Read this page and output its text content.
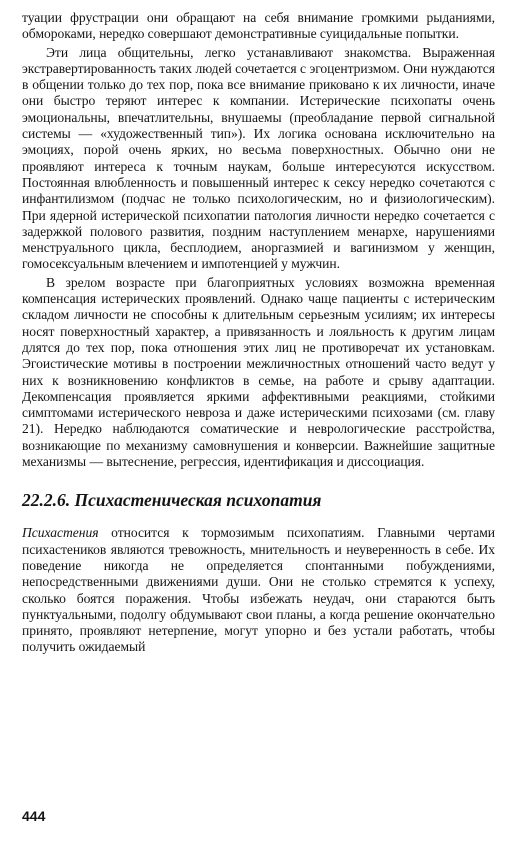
туации фрустрации они обращают на себя внимание громкими рыданиями, обмороками, нередко совершают демонстративные суицидальные попытки.

Эти лица общительны, легко устанавливают знакомства. Выраженная экстравертированность таких людей сочетается с эгоцентризмом. Они нуждаются в общении только до тех пор, пока все внимание приковано к их личности, иначе они быстро теряют интерес к компании. Истерические психопаты очень эмоциональны, впечатлительны, внушаемы (преобладание первой сигнальной системы — «художественный тип»). Их логика основана исключительно на эмоциях, порой очень ярких, но весьма поверхностных. Обычно они не проявляют интереса к точным наукам, больше интересуются искусством. Постоянная влюбленность и повышенный интерес к сексу нередко сочетаются с инфантилизмом (подчас не только психологическим, но и физиологическим). При ядерной истерической психопатии патология личности нередко сочетается с задержкой полового развития, поздним наступлением менархе, нарушениями менструального цикла, бесплодием, аноргазмией и вагинизмом у женщин, гомосексуальным влечением и импотенцией у мужчин.

В зрелом возрасте при благоприятных условиях возможна временная компенсация истерических проявлений. Однако чаще пациенты с истерическим складом личности не способны к длительным серьезным усилиям; их интересы носят поверхностный характер, а привязанность и лояльность к другим лицам длятся до тех пор, пока отношения этих лиц не противоречат их установкам. Эгоистические мотивы в построении межличностных отношений часто ведут у них к возникновению конфликтов в семье, на работе и срыву адаптации. Декомпенсация проявляется яркими аффективными реакциями, стойкими симптомами истерического невроза и даже истерическими психозами (см. главу 21). Нередко наблюдаются соматические и неврологические расстройства, возникающие по механизму самовнушения и конверсии. Важнейшие защитные механизмы — вытеснение, регрессия, идентификация и диссоциация.

22.2.6. Психастеническая психопатия

Психастения относится к тормозимым психопатиям. Главными чертами психастеников являются тревожность, мнительность и неуверенность в себе. Их поведение никогда не определяется спонтанными побуждениями, непосредственными движениями души. Они не столько стремятся к успеху, сколько боятся поражения. Чтобы избежать неудач, они стараются быть пунктуальными, подолгу обдумывают свои планы, а когда решение окончательно принято, проявляют нетерпение, могут упорно и без устали работать, чтобы получить ожидаемый

444
